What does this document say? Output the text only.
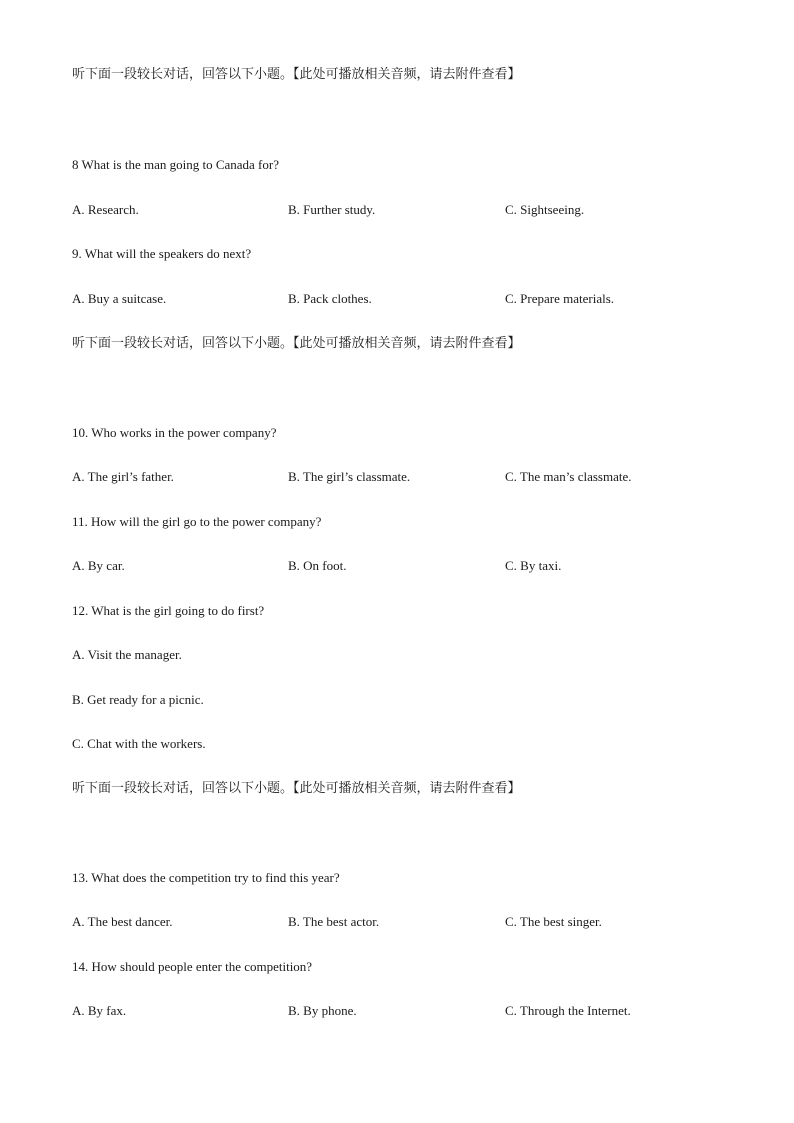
听下面一段较长对话，回答以下小题。【此处可播放相关音频，请去附件查看】
8 What is the man going to Canada for?
A. Research.	B. Further study.	C. Sightseeing.
9. What will the speakers do next?
A. Buy a suitcase.	B. Pack clothes.	C. Prepare materials.
听下面一段较长对话，回答以下小题。【此处可播放相关音频，请去附件查看】
10. Who works in the power company?
A. The girl’s father.	B. The girl’s classmate.	C. The man’s classmate.
11. How will the girl go to the power company?
A. By car.	B. On foot.	C. By taxi.
12. What is the girl going to do first?
A. Visit the manager.
B. Get ready for a picnic.
C. Chat with the workers.
听下面一段较长对话，回答以下小题。【此处可播放相关音频，请去附件查看】
13. What does the competition try to find this year?
A. The best dancer.	B. The best actor.	C. The best singer.
14. How should people enter the competition?
A. By fax.	B. By phone.	C. Through the Internet.
